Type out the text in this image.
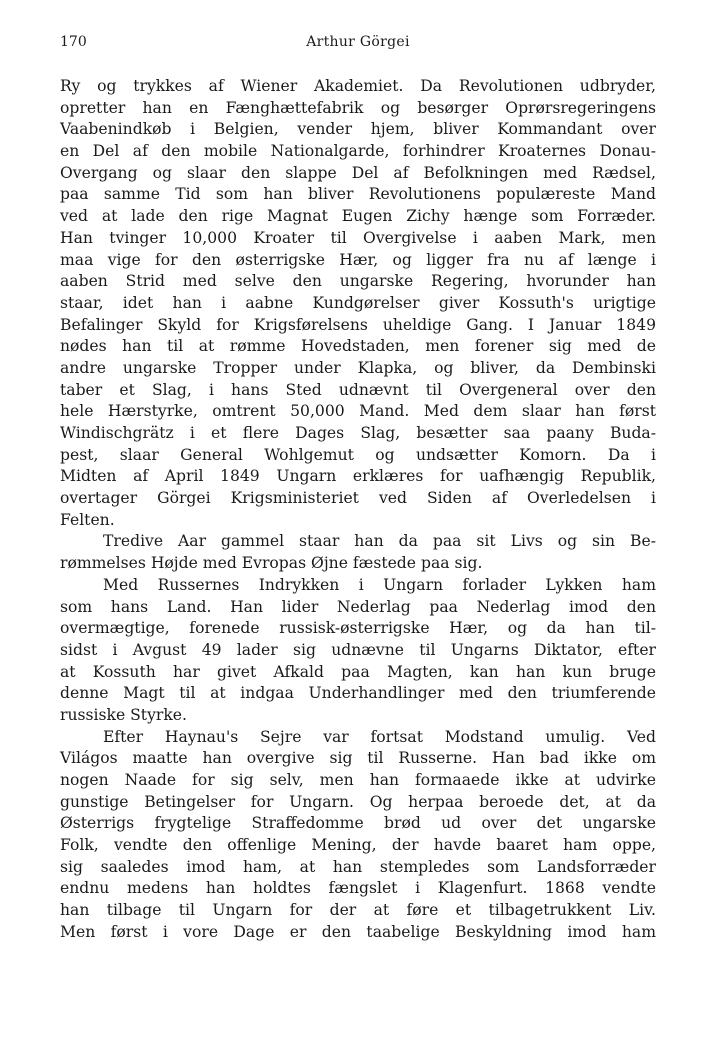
170	Arthur Görgei
Ry og trykkes af Wiener Akademiet. Da Revolutionen udbryder,
opretter han en Fænghættefabrik og besørger Oprørsregeringens
Vaabenindkøb i Belgien, vender hjem, bliver Kommandant over
en Del af den mobile Nationalgarde, forhindrer Kroaternes Donau-
Overgang og slaar den slappe Del af Befolkningen med Rædsel,
paa samme Tid som han bliver Revolutionens populæreste Mand
ved at lade den rige Magnat Eugen Zichy hænge som Forræder.
Han tvinger 10,000 Kroater til Overgivelse i aaben Mark, men
maa vige for den østerrigske Hær, og ligger fra nu af længe i
aaben Strid med selve den ungarske Regering, hvorunder han
staar, idet han i aabne Kundgørelser giver Kossuth's urigtige
Befalinger Skyld for Krigsførelsens uheldige Gang. I Januar 1849
nødes han til at rømme Hovedstaden, men forener sig med de
andre ungarske Tropper under Klapka, og bliver, da Dembinski
taber et Slag, i hans Sted udnævnt til Overgeneral over den
hele Hærstyrke, omtrent 50,000 Mand. Med dem slaar han først
Windischgrätz i et flere Dages Slag, besætter saa paany Buda-
pest, slaar General Wohlgemut og undsætter Komorn. Da i
Midten af April 1849 Ungarn erklæres for uafhængig Republik,
overtager Görgei Krigsministeriet ved Siden af Overledelsen i
Felten.
Tredive Aar gammel staar han da paa sit Livs og sin Be-
rømmelses Højde med Evropas Øjne fæstede paa sig.
Med Russernes Indrykken i Ungarn forlader Lykken ham
som hans Land. Han lider Nederlag paa Nederlag imod den
overmægtige, forenede russisk-østerrigske Hær, og da han til-
sidst i Avgust 49 lader sig udnævne til Ungarns Diktator, efter
at Kossuth har givet Afkald paa Magten, kan han kun bruge
denne Magt til at indgaa Underhandlinger med den triumferende
russiske Styrke.
Efter Haynau's Sejre var fortsat Modstand umulig. Ved
Világos maatte han overgive sig til Russerne. Han bad ikke om
nogen Naade for sig selv, men han formaaede ikke at udvirke
gunstige Betingelser for Ungarn. Og herpaa beroede det, at da
Østerrigs frygtelige Straffedomme brød ud over det ungarske
Folk, vendte den offenlige Mening, der havde baaret ham oppe,
sig saaledes imod ham, at han stempledes som Landsforræder
endnu medens han holdtes fængslet i Klagenfurt. 1868 vendte
han tilbage til Ungarn for der at føre et tilbagetrukkent Liv.
Men først i vore Dage er den taabelige Beskyldning imod ham
